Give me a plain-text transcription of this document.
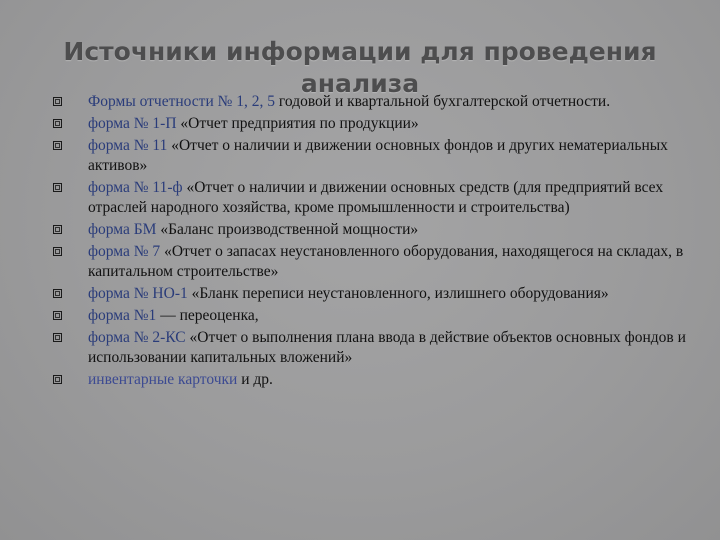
Источники информации для проведения
анализа
Формы отчетности № 1, 2, 5 годовой и квартальной бухгалтерской отчетности.
форма № 1-П «Отчет предприятия по продукции»
форма № 11 «Отчет о наличии и движении основных фондов и других нематериальных активов»
форма № 11-ф «Отчет о наличии и движении основных средств (для предприятий всех отраслей народного хозяйства, кроме промышленности и строительства)
форма БМ «Баланс производственной мощности»
форма № 7 «Отчет о запасах неустановленного оборудования, находящегося на складах, в капитальном строительстве»
форма № НО-1 «Бланк переписи неустановленного, излишнего оборудования»
форма №1 — переоценка,
форма № 2-КС «Отчет о выполнения плана ввода в действие объектов основных фондов и использовании капитальных вложений»
инвентарные карточки и др.
